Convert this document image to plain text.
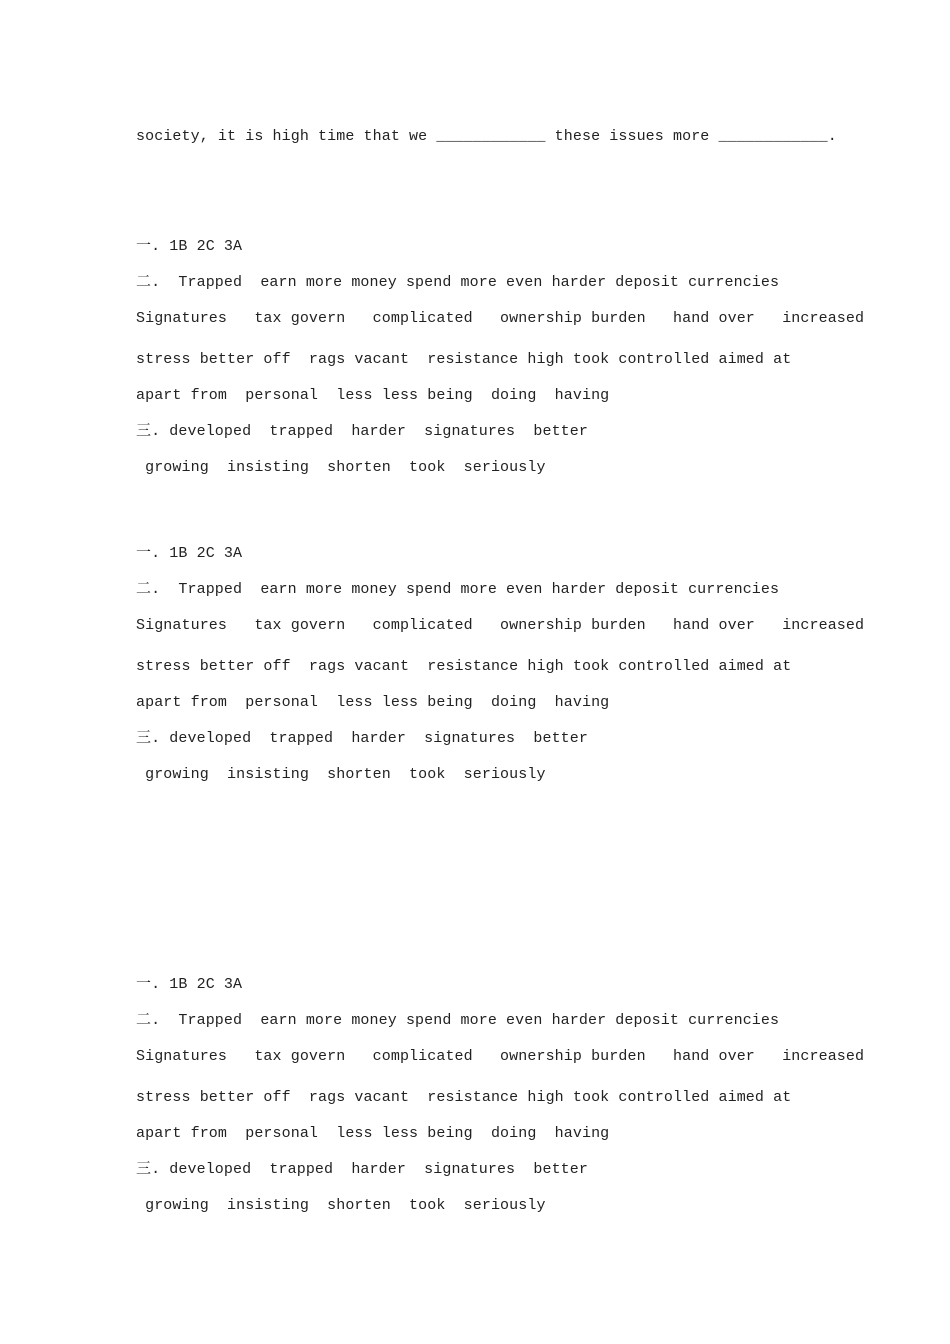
society, it is high time that we ____________ these issues more ____________.
一. 1B 2C 3A
二.  Trapped  earn more money spend more even harder deposit currencies
Signatures   tax govern   complicated   ownership burden   hand over   increased
stress better off  rags vacant  resistance high took controlled aimed at
apart from  personal  less less being  doing  having
三. developed  trapped  harder  signatures  better
growing  insisting  shorten  took  seriously
一. 1B 2C 3A
二.  Trapped  earn more money spend more even harder deposit currencies
Signatures   tax govern   complicated   ownership burden   hand over   increased
stress better off  rags vacant  resistance high took controlled aimed at
apart from  personal  less less being  doing  having
三. developed  trapped  harder  signatures  better
growing  insisting  shorten  took  seriously
一. 1B 2C 3A
二.  Trapped  earn more money spend more even harder deposit currencies
Signatures   tax govern   complicated   ownership burden   hand over   increased
stress better off  rags vacant  resistance high took controlled aimed at
apart from  personal  less less being  doing  having
三. developed  trapped  harder  signatures  better
growing  insisting  shorten  took  seriously
